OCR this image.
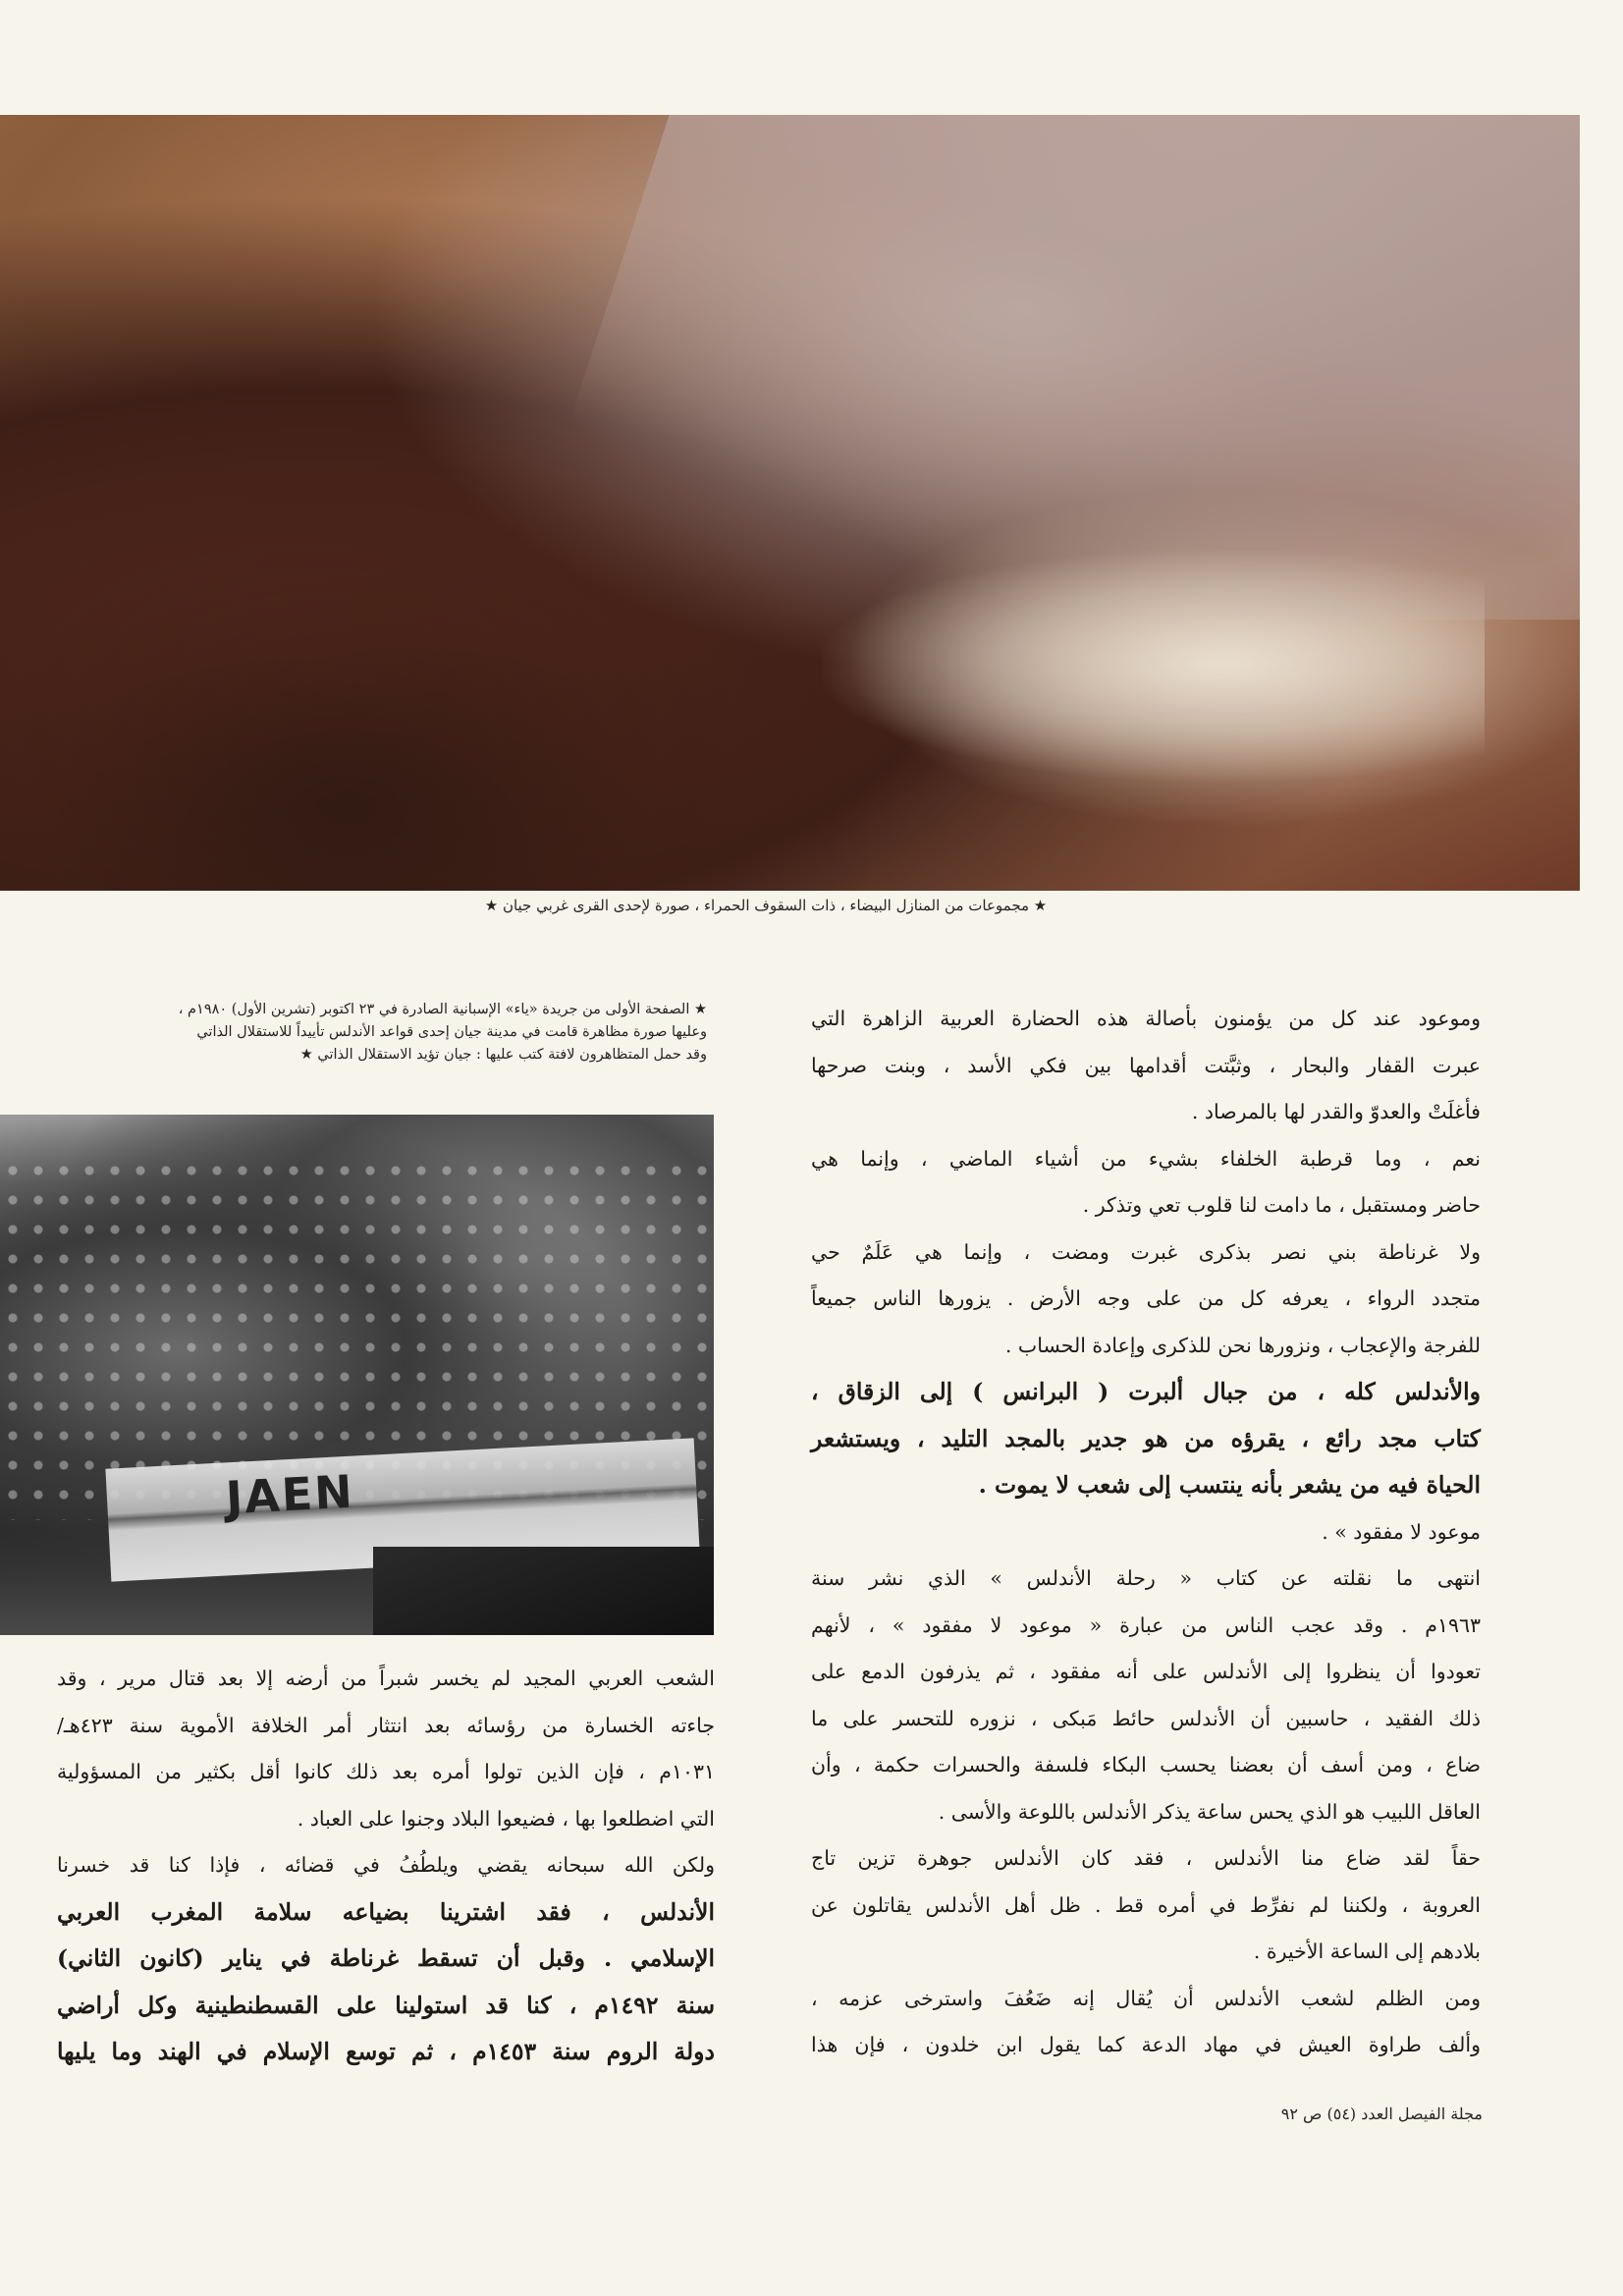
★ مجموعات من المنازل البيضاء ، ذات السقوف الحمراء ، صورة لإحدى القرى غربي جيان ★
★ الصفحة الأولى من جريدة «ياء» الإسبانية الصادرة في ٢٣ اكتوبر (تشرين الأول) ١٩٨٠م ،
وعليها صورة مظاهرة قامت في مدينة جيان إحدى قواعد الأندلس تأييداً للاستقلال الذاتي
وقد حمل المتظاهرون لافتة كتب عليها : جيان تؤيد الاستقلال الذاتي ★
JAEN
وموعود عند كل من يؤمنون بأصالة هذه الحضارة العربية الزاهرة التي
عبرت القفار والبحار ، وثبَّتت أقدامها بين فكي الأسد ، وبنت صرحها
فأغلَتْ والعدوّ والقدر لها بالمرصاد .
نعم ، وما قرطبة الخلفاء بشيء من أشياء الماضي ، وإنما هي
حاضر ومستقبل ، ما دامت لنا قلوب تعي وتذكر .
ولا غرناطة بني نصر بذكرى غبرت ومضت ، وإنما هي عَلَمٌ حي
متجدد الرواء ، يعرفه كل من على وجه الأرض . يزورها الناس جميعاً
للفرجة والإعجاب ، ونزورها نحن للذكرى وإعادة الحساب .
والأندلس كله ، من جبال ألبرت ( البرانس ) إلى الزقاق ،
كتاب مجد رائع ، يقرؤه من هو جدير بالمجد التليد ، ويستشعر
الحياة فيه من يشعر بأنه ينتسب إلى شعب لا يموت .
موعود لا مفقود » .
انتهى ما نقلته عن كتاب « رحلة الأندلس » الذي نشر سنة
١٩٦٣م . وقد عجب الناس من عبارة « موعود لا مفقود » ، لأنهم
تعودوا أن ينظروا إلى الأندلس على أنه مفقود ، ثم يذرفون الدمع على
ذلك الفقيد ، حاسبين أن الأندلس حائط مَبكى ، نزوره للتحسر على ما
ضاع ، ومن أسف أن بعضنا يحسب البكاء فلسفة والحسرات حكمة ، وأن
العاقل اللبيب هو الذي يحس ساعة يذكر الأندلس باللوعة والأسى .
حقاً لقد ضاع منا الأندلس ، فقد كان الأندلس جوهرة تزين تاج
العروبة ، ولكننا لم نفرِّط في أمره قط . ظل أهل الأندلس يقاتلون عن
بلادهم إلى الساعة الأخيرة .
ومن الظلم لشعب الأندلس أن يُقال إنه ضَعُفَ واسترخى عزمه ،
وألف طراوة العيش في مهاد الدعة كما يقول ابن خلدون ، فإن هذا
الشعب العربي المجيد لم يخسر شبراً من أرضه إلا بعد قتال مرير ، وقد
جاءته الخسارة من رؤسائه بعد انتثار أمر الخلافة الأموية سنة ٤٢٣هـ/
١٠٣١م ، فإن الذين تولوا أمره بعد ذلك كانوا أقل بكثير من المسؤولية
التي اضطلعوا بها ، فضيعوا البلاد وجنوا على العباد .
ولكن الله سبحانه يقضي ويلطُفُ في قضائه ، فإذا كنا قد خسرنا
الأندلس ، فقد اشترينا بضياعه سلامة المغرب العربي
الإسلامي . وقبل أن تسقط غرناطة في يناير (كانون الثاني)
سنة ١٤٩٢م ، كنا قد استولينا على القسطنطينية وكل أراضي
دولة الروم سنة ١٤٥٣م ، ثم توسع الإسلام في الهند وما يليها
مجلة الفيصل العدد (٥٤) ص ٩٢
